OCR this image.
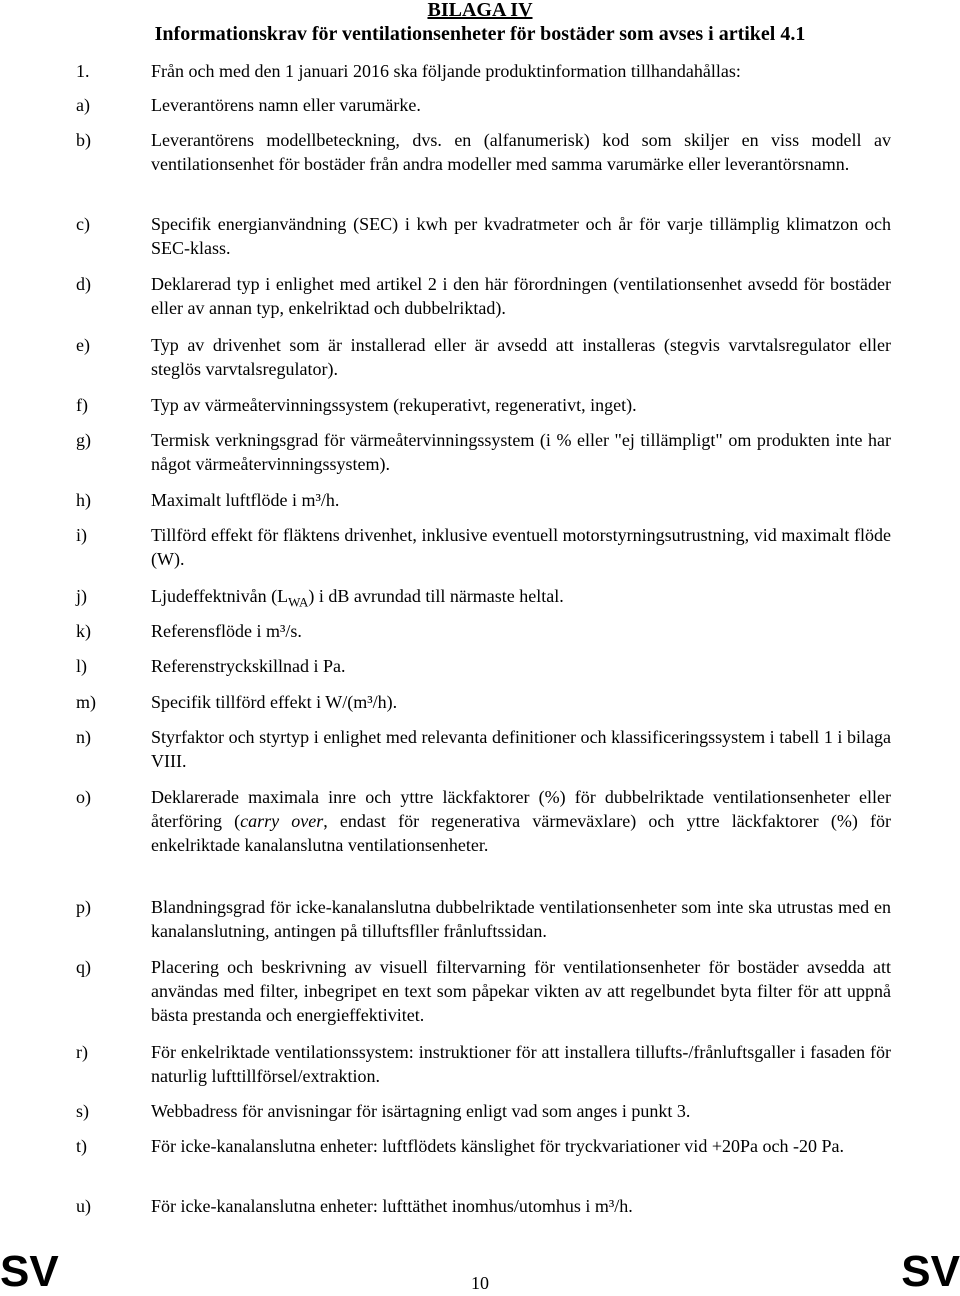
BILAGA IV
Informationskrav för ventilationsenheter för bostäder som avses i artikel 4.1
1.	Från och med den 1 januari 2016 ska följande produktinformation tillhandahållas:
a)	Leverantörens namn eller varumärke.
b)	Leverantörens modellbeteckning, dvs. en (alfanumerisk) kod som skiljer en viss modell av ventilationsenhet för bostäder från andra modeller med samma varumärke eller leverantörsnamn.
c)	Specifik energianvändning (SEC) i kwh per kvadratmeter och år för varje tillämplig klimatzon och SEC-klass.
d)	Deklarerad typ i enlighet med artikel 2 i den här förordningen (ventilationsenhet avsedd för bostäder eller av annan typ, enkelriktad och dubbelriktad).
e)	Typ av drivenhet som är installerad eller är avsedd att installeras (stegvis varvtalsregulator eller steglös varvtalsregulator).
f)	Typ av värmeåtervinningssystem (rekuperativt, regenerativt, inget).
g)	Termisk verkningsgrad för värmeåtervinningssystem (i % eller "ej tillämpligt" om produkten inte har något värmeåtervinningssystem).
h)	Maximalt luftflöde i m³/h.
i)	Tillförd effekt för fläktens drivenhet, inklusive eventuell motorstyrningsutrustning, vid maximalt flöde (W).
j)	Ljudeffektnivån $(L_{WA})$ i dB avrundad till närmaste heltal.
k)	Referensflöde i m³/s.
l)	Referenstryckskillnad i Pa.
m)	Specifik tillförd effekt i W/(m³/h).
n)	Styrfaktor och styrtyp i enlighet med relevanta definitioner och klassificeringssystem i tabell 1 i bilaga VIII.
o)	Deklarerade maximala inre och yttre läckfaktorer (%) för dubbelriktade ventilationsenheter eller återföring (carry over, endast för regenerativa värmeväxlare) och yttre läckfaktorer (%) för enkelriktade kanalanslutna ventilationsenheter.
p)	Blandningsgrad för icke-kanalanslutna dubbelriktade ventilationsenheter som inte ska utrustas med en kanalanslutning, antingen på tilluftsfller frånluftssidan.
q)	Placering och beskrivning av visuell filtervarning för ventilationsenheter för bostäder avsedda att användas med filter, inbegripet en text som påpekar vikten av att regelbundet byta filter för att uppnå bästa prestanda och energieffektivitet.
r)	För enkelriktade ventilationssystem: instruktioner för att installera tillufts-/frånluftsgaller i fasaden för naturlig lufttillförsel/extraktion.
s)	Webbadress för anvisningar för isärtagning enligt vad som anges i punkt 3.
t)	För icke-kanalanslutna enheter: luftflödets känslighet för tryckvariationer vid +20Pa och -20 Pa.
u)	För icke-kanalanslutna enheter: lufttäthet inomhus/utomhus i m³/h.
SV	10	SV
